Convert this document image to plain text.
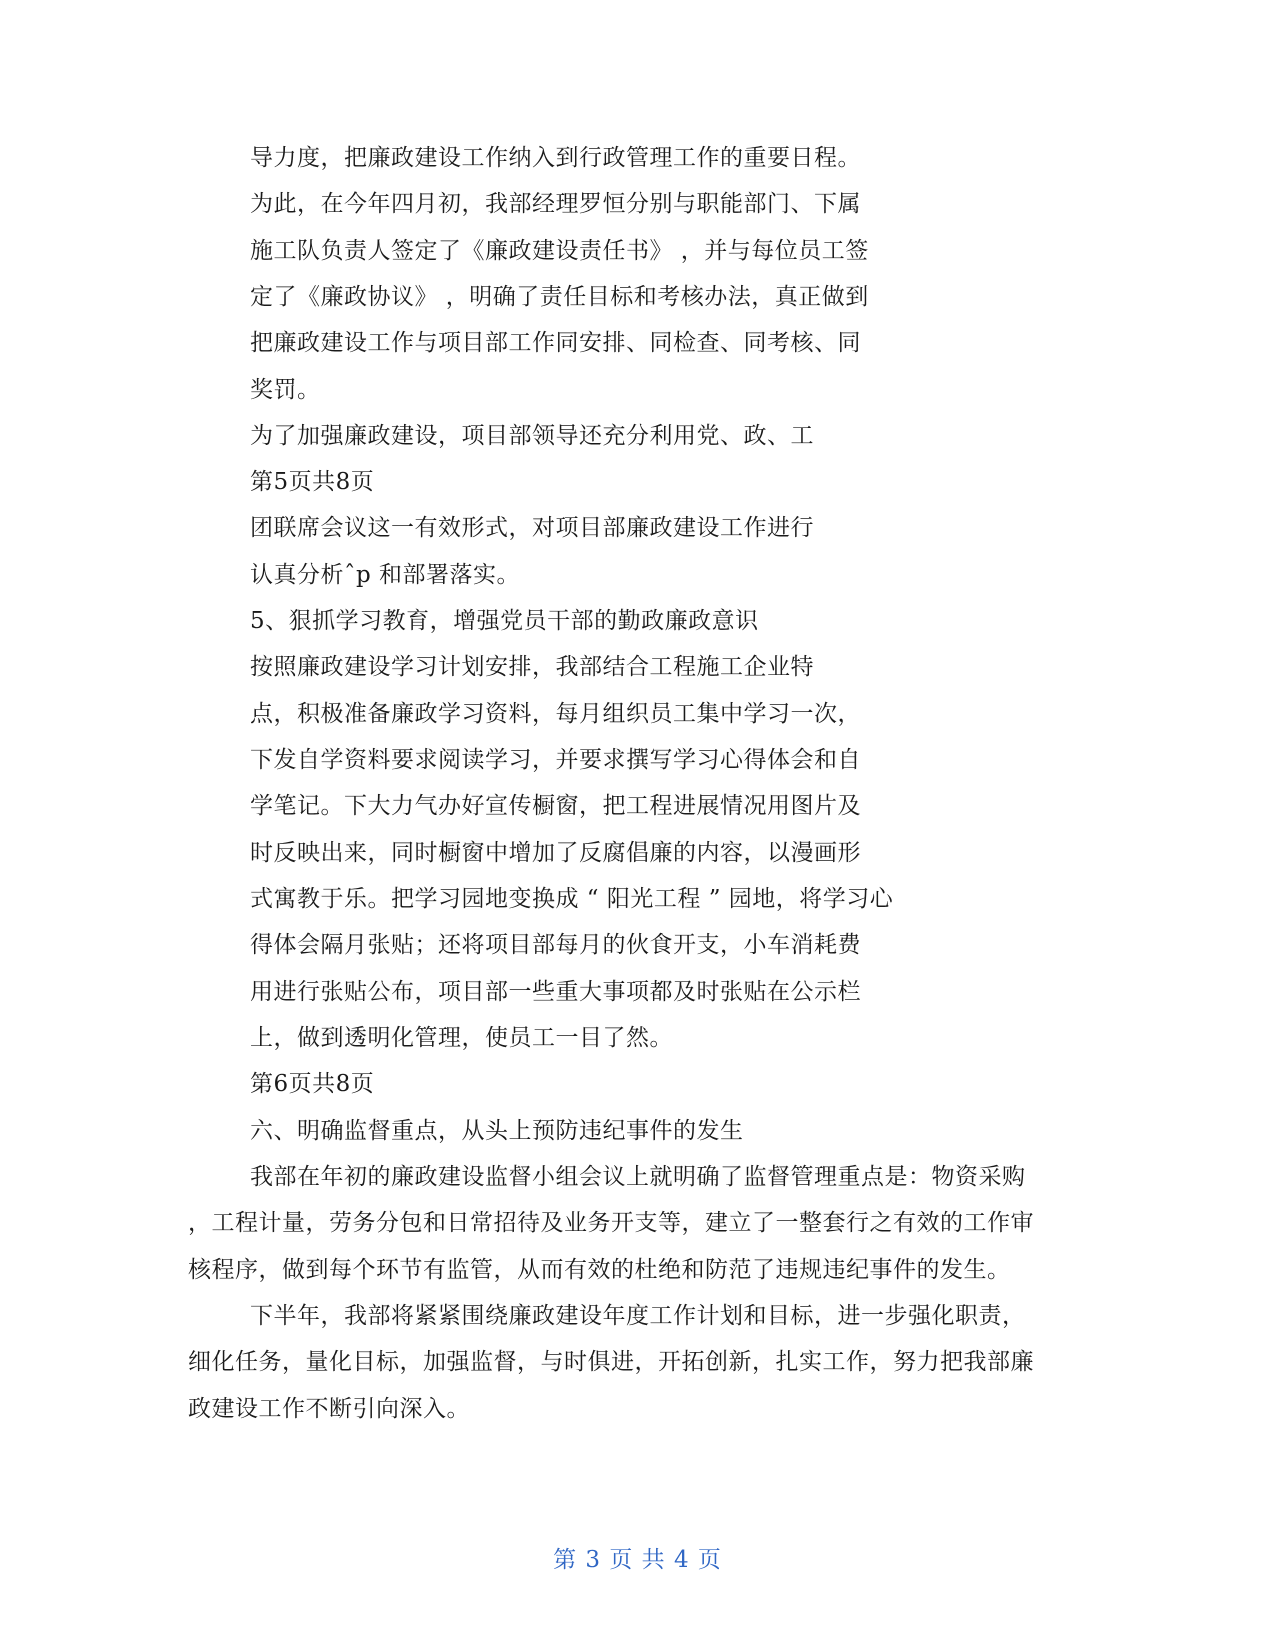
导力度，把廉政建设工作纳入到行政管理工作的重要日程。
为此，在今年四月初，我部经理罗恒分别与职能部门、下属
施工队负责人签定了《廉政建设责任书》 ，并与每位员工签
定了《廉政协议》 ，明确了责任目标和考核办法，真正做到
把廉政建设工作与项目部工作同安排、同检查、同考核、同
奖罚。
为了加强廉政建设，项目部领导还充分利用党、政、工
第5页共8页
团联席会议这一有效形式，对项目部廉政建设工作进行
认真分析ˆp 和部署落实。
5、狠抓学习教育，增强党员干部的勤政廉政意识
按照廉政建设学习计划安排，我部结合工程施工企业特
点，积极准备廉政学习资料，每月组织员工集中学习一次，
下发自学资料要求阅读学习，并要求撰写学习心得体会和自
学笔记。下大力气办好宣传橱窗，把工程进展情况用图片及
时反映出来，同时橱窗中增加了反腐倡廉的内容，以漫画形
式寓教于乐。把学习园地变换成 “ 阳光工程 ” 园地，将学习心
得体会隔月张贴；还将项目部每月的伙食开支，小车消耗费
用进行张贴公布，项目部一些重大事项都及时张贴在公示栏
上，做到透明化管理，使员工一目了然。
第6页共8页
六、明确监督重点，从头上预防违纪事件的发生
我部在年初的廉政建设监督小组会议上就明确了监督管理重点是：物资采购
，工程计量，劳务分包和日常招待及业务开支等，建立了一整套行之有效的工作审
核程序，做到每个环节有监管，从而有效的杜绝和防范了违规违纪事件的发生。
下半年，我部将紧紧围绕廉政建设年度工作计划和目标，进一步强化职责，
细化任务，量化目标，加强监督，与时俱进，开拓创新，扎实工作，努力把我部廉
政建设工作不断引向深入。
第 3 页 共 4 页
